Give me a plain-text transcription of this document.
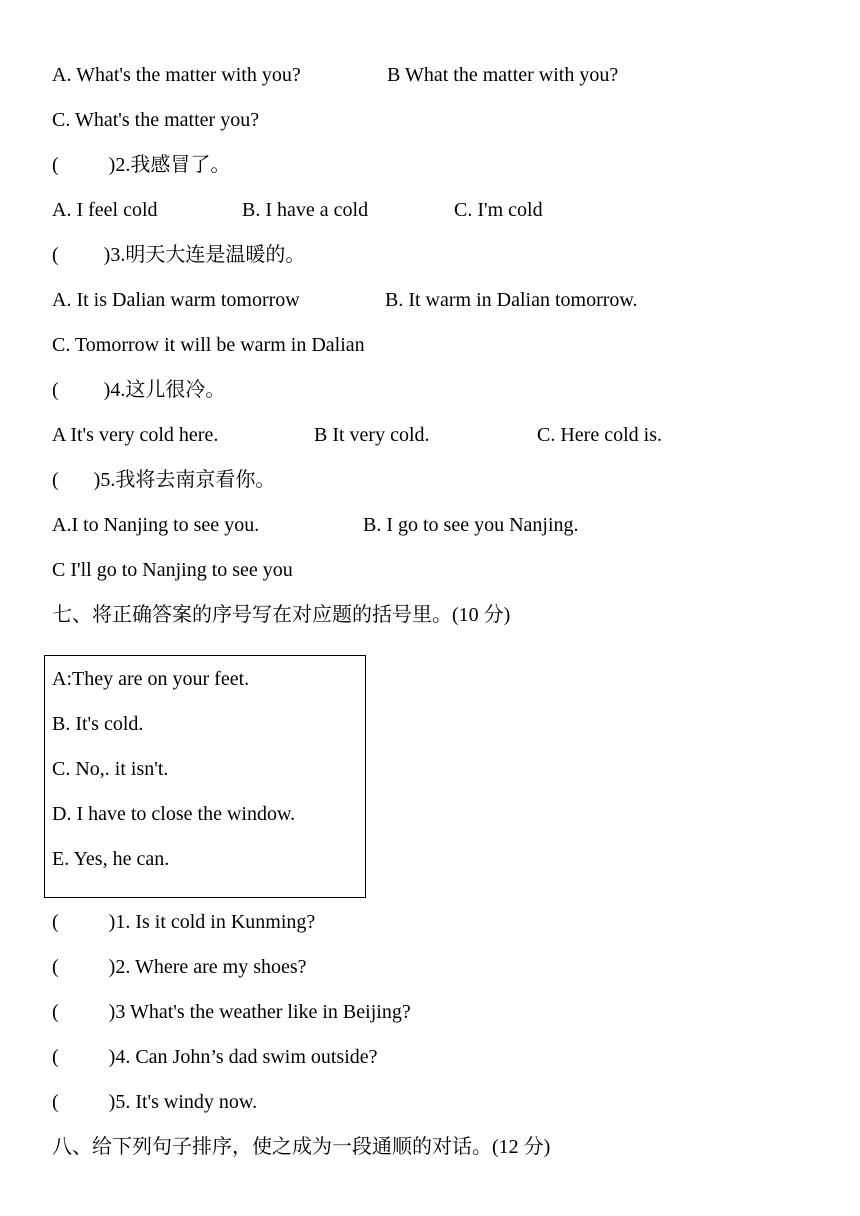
A. What's the matter with you?	B What the matter with you?
C. What's the matter you?
(          )2.我感冒了。
A. I feel cold	B. I have a cold	C. I'm cold
(         )3.明天大连是温暖的。
A. It is Dalian warm tomorrow	B. It warm in Dalian tomorrow.
C. Tomorrow it will be warm in Dalian
(         )4.这儿很冷。
A It's very cold here.	B It very cold.	C. Here cold is.
(       )5.我将去南京看你。
A.I to Nanjing to see you.	B. I go to see you Nanjing.
C I'll go to Nanjing to see you
七、将正确答案的序号写在对应题的括号里。(10 分)
A:They are on your feet.
B. It's cold.
C. No,. it isn't.
D. I have to close the window.
E. Yes, he can.
(          )1. Is it cold in Kunming?
(          )2. Where are my shoes?
(          )3 What's the weather like in Beijing?
(          )4. Can John’s dad swim outside?
(          )5. It's windy now.
八、给下列句子排序，使之成为一段通顺的对话。(12 分)
